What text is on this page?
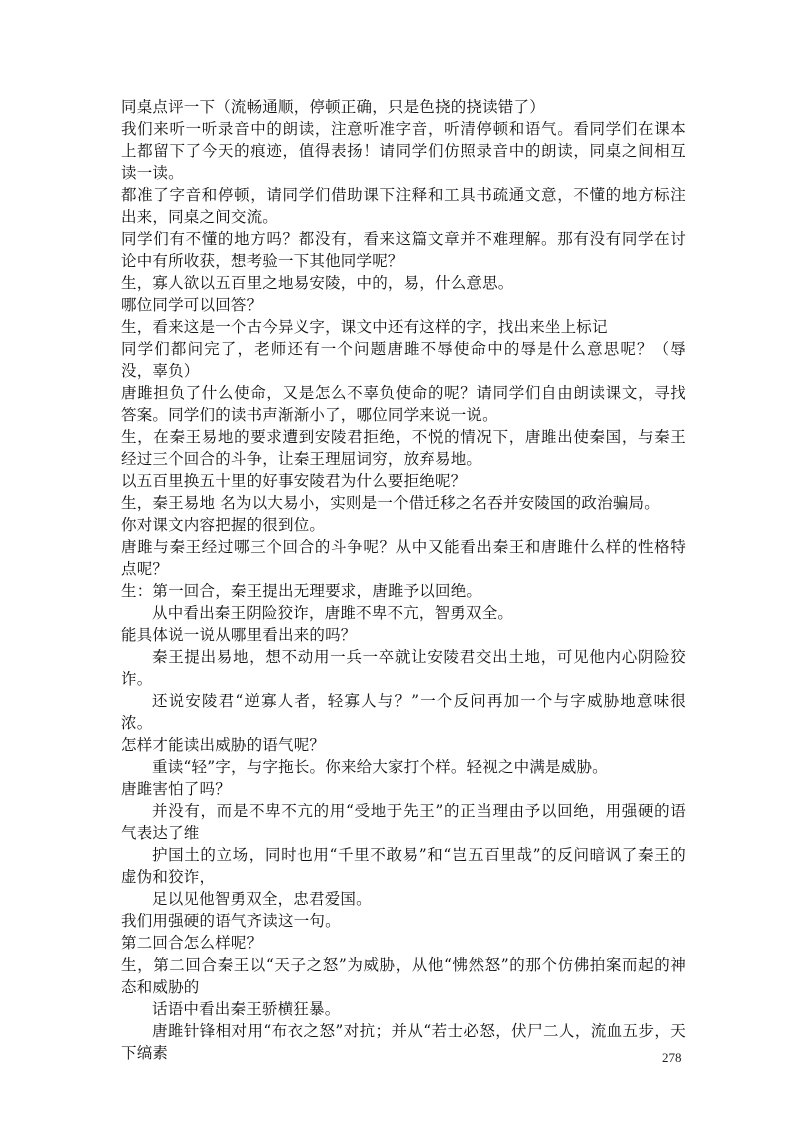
同桌点评一下（流畅通顺，停顿正确，只是色挠的挠读错了）

我们来听一听录音中的朗读，注意听准字音，听清停顿和语气。看同学们在课本上都留下了今天的痕迹，值得表扬！请同学们仿照录音中的朗读，同桌之间相互读一读。

都准了字音和停顿，请同学们借助课下注释和工具书疏通文意，不懂的地方标注出来，同桌之间交流。

同学们有不懂的地方吗？都没有，看来这篇文章并不难理解。那有没有同学在讨论中有所收获，想考验一下其他同学呢？

生，寡人欲以五百里之地易安陵，中的，易，什么意思。

哪位同学可以回答？

生，看来这是一个古今异义字，课文中还有这样的字，找出来坐上标记

同学们都问完了，老师还有一个问题唐雎不辱使命中的辱是什么意思呢？（辱没，辜负）

唐雎担负了什么使命，又是怎么不辜负使命的呢？请同学们自由朗读课文，寻找答案。同学们的读书声渐渐小了，哪位同学来说一说。

生，在秦王易地的要求遭到安陵君拒绝，不悦的情况下，唐雎出使秦国，与秦王经过三个回合的斗争，让秦王理屈词穷，放弃易地。

以五百里换五十里的好事安陵君为什么要拒绝呢？

生，秦王易地 名为以大易小，实则是一个借迁移之名吞并安陵国的政治骗局。

你对课文内容把握的很到位。

唐雎与秦王经过哪三个回合的斗争呢？从中又能看出秦王和唐雎什么样的性格特点呢？

生：第一回合，秦王提出无理要求，唐雎予以回绝。

从中看出秦王阴险狡诈，唐雎不卑不亢，智勇双全。

能具体说一说从哪里看出来的吗？

秦王提出易地，想不动用一兵一卒就让安陵君交出土地，可见他内心阴险狡诈。

还说安陵君“逆寡人者，轻寡人与？”一个反问再加一个与字威胁地意味很浓。

怎样才能读出威胁的语气呢？

重读“轻”字，与字拖长。你来给大家打个样。轻视之中满是威胁。

唐雎害怕了吗？

并没有，而是不卑不亢的用“受地于先王”的正当理由予以回绝，用强硬的语气表达了维

护国土的立场，同时也用“千里不敢易”和“岂五百里哉”的反问暗讽了秦王的虚伪和狡诈，

足以见他智勇双全，忠君爱国。

我们用强硬的语气齐读这一句。

第二回合怎么样呢？

生，第二回合秦王以“天子之怒”为威胁，从他“怫然怒”的那个仿佛拍案而起的神态和威胁的

话语中看出秦王骄横狂暴。

唐雎针锋相对用“布衣之怒”对抗；并从“若士必怒，伏尸二人，流血五步，天下缟素	278
